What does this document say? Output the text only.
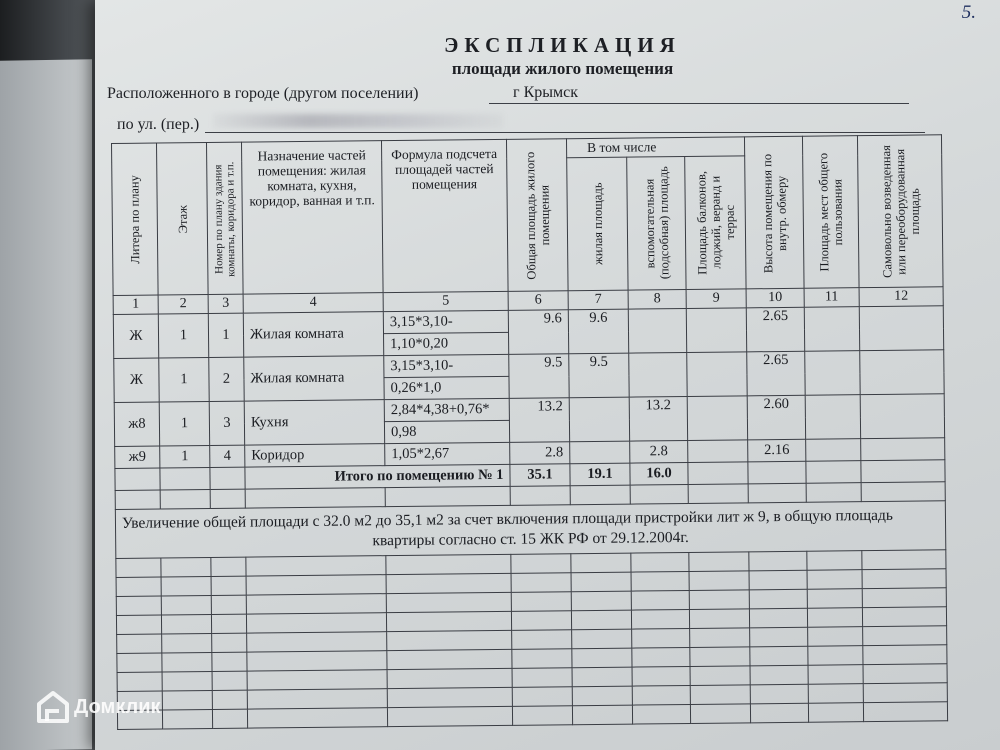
5.
ЭКСПЛИКАЦИЯ
площади жилого помещения
Расположенного в городе (другом поселении)	г Крымск
по ул. (пер.)
Литера по плану	Этаж	Номер по плану здания комнаты, коридора и т.п.	Назначение частей помещения: жилая комната, кухня, коридор, ванная и т.п.	Формула подсчета площадей частей помещения	Общая площадь жилого помещения	В том числе			Высота помещения по внутр. обмеру	Площадь мест общего пользования	Самовольно возведенная или переоборудованная площадь

						жилая площадь	вспомогательная (подсобная) площадь	Площадь балконов, лоджий, веранд и террас			

1	2	3	4	5	6	7	8	9	10	11	12
Ж	1	1	Жилая комната	3,15*3,10-	9.6	9.6			2.65		
				1,10*0,20							
Ж	1	2	Жилая комната	3,15*3,10-	9.5	9.5			2.65		
				0,26*1,0							
ж8	1	3	Кухня	2,84*4,38+0,76*	13.2		13.2		2.60		
				0,98							
ж9	1	4	Коридор	1,05*2,67	2.8		2.8		2.16		
			Итого по помещению № 1		35.1	19.1	16.0				

Увеличение общей площади с 32.0 м2 до 35,1 м2 за счет включения площади пристройки лит ж 9, в общую площадь
квартиры согласно ст. 15 ЖК РФ от 29.12.2004г.											

Домклик
